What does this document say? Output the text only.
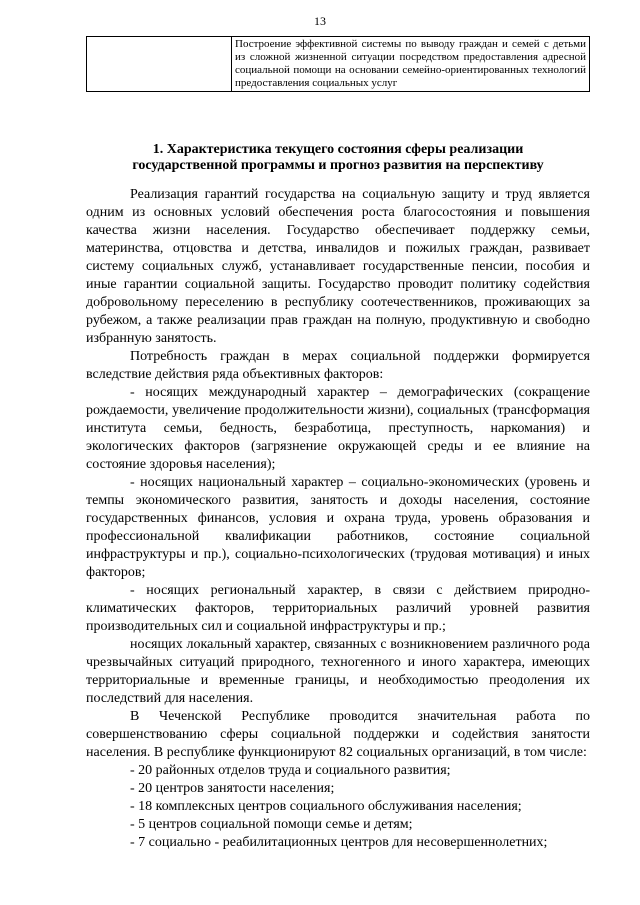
13
	Построение эффективной системы по выводу граждан и семей с детьми из сложной жизненной ситуации посредством предоставления адресной социальной помощи на основании семейно-ориентированных технологий предоставления социальных услуг
1. Характеристика текущего состояния сферы реализации
государственной программы и прогноз развития на перспективу

Реализация гарантий государства на социальную защиту и труд является одним из основных условий обеспечения роста благосостояния и повышения качества жизни населения. Государство обеспечивает поддержку семьи, материнства, отцовства и детства, инвалидов и пожилых граждан, развивает систему социальных служб, устанавливает государственные пенсии, пособия и иные гарантии социальной защиты. Государство проводит политику содействия добровольному переселению в республику соотечественников, проживающих за рубежом, а также реализации прав граждан на полную, продуктивную и свободно избранную занятость.

Потребность граждан в мерах социальной поддержки формируется вследствие действия ряда объективных факторов:

- носящих международный характер – демографических (сокращение рождаемости, увеличение продолжительности жизни), социальных (трансформация института семьи, бедность, безработица, преступность, наркомания) и экологических факторов (загрязнение окружающей среды и ее влияние на состояние здоровья населения);

- носящих национальный характер – социально-экономических (уровень и темпы экономического развития, занятость и доходы населения, состояние государственных финансов, условия и охрана труда, уровень образования и профессиональной квалификации работников, состояние социальной инфраструктуры и пр.), социально-психологических (трудовая мотивация) и иных факторов;

- носящих региональный характер, в связи с действием природно-климатических факторов, территориальных различий уровней развития производительных сил и социальной инфраструктуры и пр.;

носящих локальный характер, связанных с возникновением различного рода чрезвычайных ситуаций природного, техногенного и иного характера, имеющих территориальные и временные границы, и необходимостью преодоления их последствий для населения.

В Чеченской Республике проводится значительная работа по совершенствованию сферы социальной поддержки и содействия занятости населения. В республике функционируют 82 социальных организаций, в том числе:

- 20 районных отделов труда и социального развития;

- 20 центров занятости населения;

- 18 комплексных центров социального обслуживания населения;

- 5 центров социальной помощи семье и детям;

- 7 социально - реабилитационных центров для несовершеннолетних;
